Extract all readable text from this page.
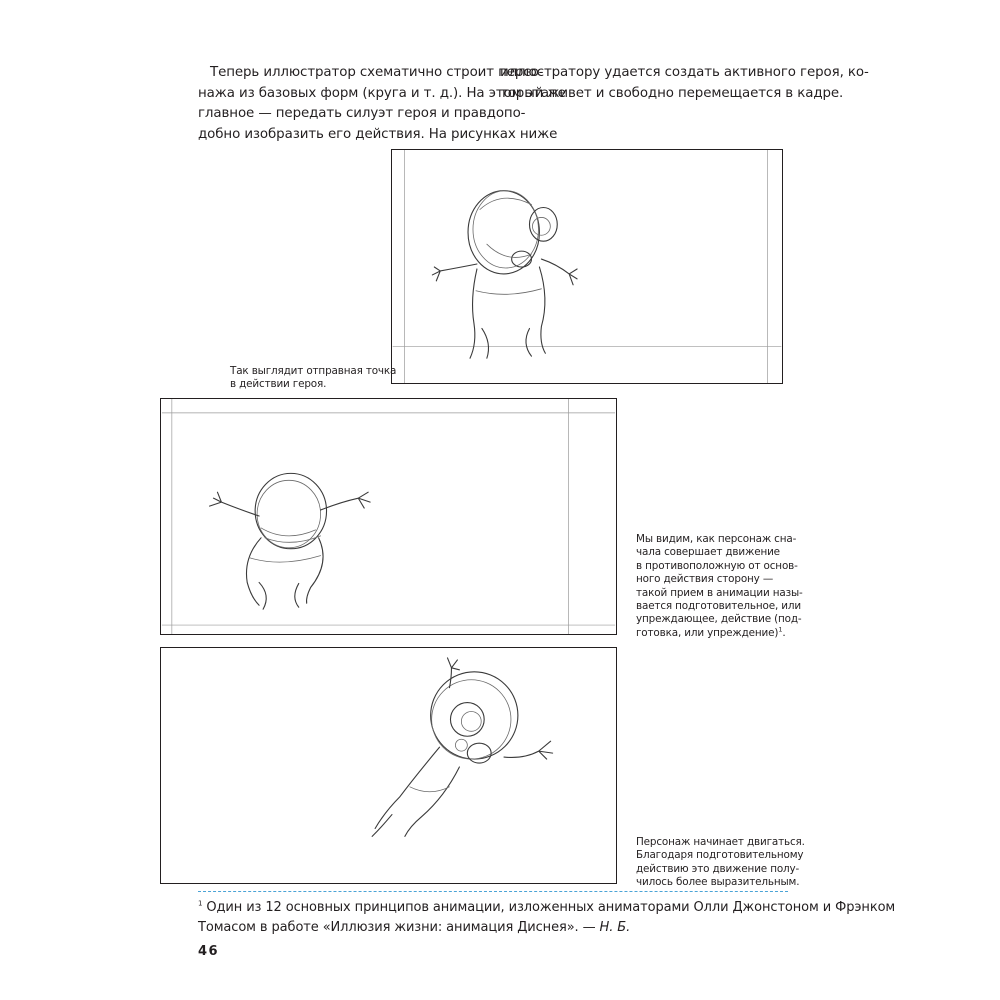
Теперь иллюстратор схематично строит персо-
нажа из базовых форм (круга и т. д.). На этом этапе
главное — передать силуэт героя и правдопо-
добно изобразить его действия. На рисунках ниже
иллюстратору удается создать активного героя, ко-
торый живет и свободно перемещается в кадре.
Так выглядит отправная точка
в действии героя.
Мы видим, как персонаж сна-
чала совершает движение
в противоположную от основ-
ного действия сторону —
такой прием в анимации назы-
вается подготовительное, или
упреждающее, действие (под-
готовка, или упреждение)$^1$.
Персонаж начинает двигаться.
Благодаря подготовительному
действию это движение полу-
чилось более выразительным.
$^1$ Один из 12 основных принципов анимации, изложенных аниматорами Олли Джонстоном и Фрэнком
Томасом в работе «Иллюзия жизни: анимация Диснея». — Н. Б.
46
